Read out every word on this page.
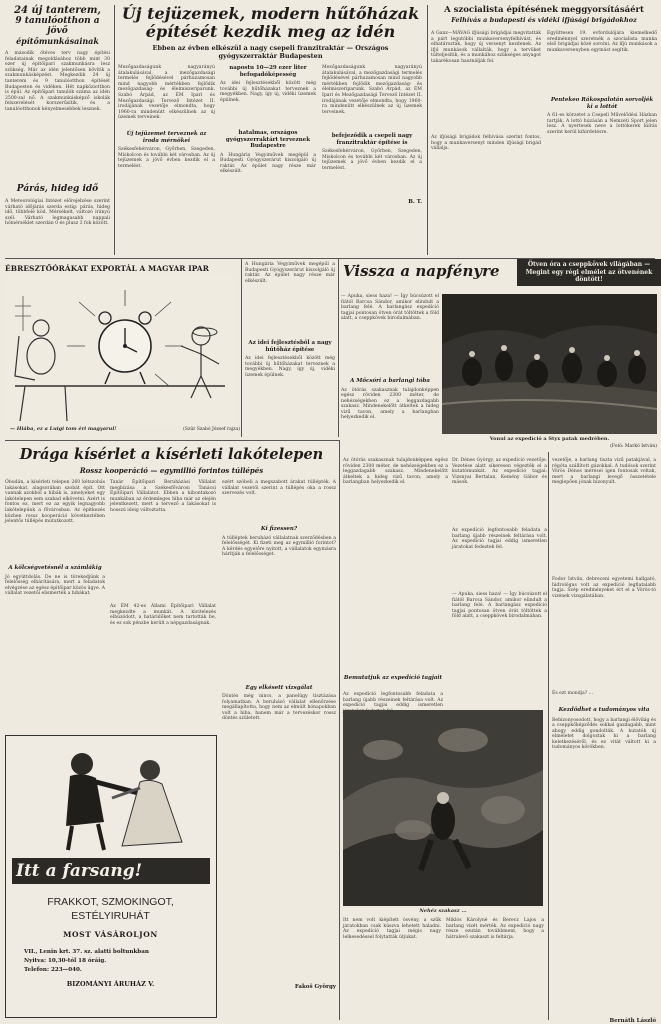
24 új tanterem,
9 tanulóotthon a jövő
építőmunkásainak
A második ötéves terv nagy építési feladatainak megoldásához több mint 30 ezer új építőipari szakmunkásra lesz szükség. Már az idén jelentősen bővítik a szakmunkásképzést. Megkezdik 24 új tanterem és 9 tanulóotthon építését Budapesten és vidéken. Hét napköziotthon is épül. Az építőipari tanulók száma az idén 2500-zal nő. A szakmunkásképző iskolák felszerelését korszerűsítik, és a tanulóotthonok kényelmesebbek lesznek.
Párás, hideg idő
A Meteorológiai Intézet előrejelzése szerint várható időjárás szerda estig: párás, hideg idő, többfelé köd. Mérsékelt, változó irányú szél. Várható legmagasabb nappali hőmérséklet szerdán 0 és plusz 3 fok között.
Új tejüzemek, modern hűtőházak
építését kezdik meg az idén
Ebben az évben elkészül a nagy csepeli franzitraktár — Országos gyógyszerraktár Budapesten
Mezőgazdaságunk nagyarányú átalakulásával, a mezőgazdasági termelés fejlődésével párhuzamosan mind nagyobb mértékben fejlődik mezőgazdaság- és élelmiszeriparunk. Szabó Árpád, az ÉM Ipari és Mezőgazdasági Tervező Intézet II. irodájának vezetője elmondta, hogy 1960-ra mindenütt elkészülnek az új üzemek terveinek.
Új tejüzemet terveznek az iroda mérnökei
Székesfehérváron, Győrben, Szegeden, Miskolcon és további két városban. Az új tejüzemek a jövő évben kezdik el a termelést.
napostu 10—29 ezer liter befogadóképesség
Az idei fejlesztésekből között még további új hűtőházakat terveznek a megyékben. Nagy, így új, vidéki üzemek épülnek.
hatalmas, országos gyógyszerraktárt terveznek Budapestre
A Hungária Vegyiművek megépül a Budapesti Gyógyszerárut kiszolgáló új raktár. Az épület nagy része már elkészült.
Mezőgazdaságunk nagyarányú átalakulásával, a mezőgazdasági termelés fejlődésével párhuzamosan mind nagyobb mértékben fejlődik mezőgazdaság- és élelmiszeriparunk. Szabó Árpád, az ÉM Ipari és Mezőgazdasági Tervező Intézet II. irodájának vezetője elmondta, hogy 1960-ra mindenütt elkészülnek az új üzemek terveinek.
befejeződik a csepeli nagy franzitraktár építése is
Székesfehérváron, Győrben, Szegeden, Miskolcon és további két városban. Az új tejüzemek a jövő évben kezdik el a termelést.
B. T.
A szocialista építésének meggyorsításáért
Felhívás a budapesti és vidéki ifjúsági brigádokhoz
A Ganz—MÁVAG ifjúsági brigádjai megvitatták a párt legutóbbi munkaversenyfelhívást, és elhatározták, hogy új versenyt kezdenek. Az ifjú munkások vállalták, hogy a tervüket túlteljesítik, és a munkához szükséges anyagot takarékosan használják fel.
Az ifjúsági brigádok felhívása szerint fontos, hogy a munkaversenyt minden ifjúsági brigád vállalja.
Együttesen 19. evfordulójára kiemelkedő eredménnyel szeretnék a szocialista munka első brigádjai közé sorolni. Az ifjú munkások a munkaversenyben egymást segítik.
Pentekeo Rákospalotán sorvoljék ki a lottót
A 61-es körzetet a Csepeli Művelődési Házban tartják. A lottó húzásán a Nemzeti Sport jelen lesz. A nyertesek neve a lottókerek kiírás szerint kerül kihirdetésre.
ÉBRESZTŐÓRÁKAT EXPORTÁL A MAGYAR IPAR
— Hiába, ez a Luigi tom éri magyarul!	(Szür Szabó József rajza)
A Hungária Vegyiművek megépül a Budapesti Gyógyszerárut kiszolgáló új raktár. Az épület nagy része már elkészült.
Az idei fejlesztésből a nagy hűtőház építése
Az idei fejlesztésekből között még további új hűtőházakat terveznek a megyékben. Nagy, így új, vidéki üzemek épülnek.
Vissza a napfényre	Ötven óra a cseppkövek világában — Megint egy régi elmélet az ötvenének döntött!
— Apuka, siess haza! — Így búcsúzott el fiától Barcsa Sándor, amikor elindult a barlang felé. A barlangász expedíció tagjai pontosan ötven órát töltöttek a föld alatt, a cseppkövek birodalmában.
A Mőcsóri a barlangi tóba
Az ötórás szakasznak tulajdonképpen egész röviden 2300 méter, de nehézségekben ez a leggazdagabb szakasz. Mindenekelőtt átkeltek a hideg vizű tavon, amely a barlangban helyezkedik el.
Vonul az expedíció a Styx patak medrében.
(Fotó: Markó István)
Drága kísérlet a kísérleti lakótelepen
Rossz kooperáció — egymillió forintos túllépés
Óbudán, a kísérleti telepen 260 kétszobás lakásokat, alagsorában szobát épít. Ott vannak azokból a hibák is, amelyeket egy lakótelepen sem szabad elkövetni. Azért is fontos ez, mert ez az egyik legnagyobb lakótelepünk a fővárosban. Az építkezés közben rossz kooperáció következtében jelentős túllépés mutatkozott.
A kölcségvetésnél a számlákig
Jó együttdolás. De ne is törekedjünk a felelősség elhárítására, mert a feladatok elvégzése az egész építőipar közös ügye. A vállalat vezetői elismerték a hibákat.
Tanár Építőipari Beruházási Vállalat megbízása a Székesfővárosi Tanácsi Építőipari Vállalatot. Ebben a kibontakozó munkában az érdemleges hiba már az elején jelentkezett, mert a tervező a lakásokat is hosszú ideig változtatta.
Az ÉM 42-es Állami Építőipari Vállalat megkezdte a munkát. A kivitelezés elhúzódott, a határidőket nem tartották be, és ez sok pénzbe került a népgazdaságnak.
ezért szóbeli a megszabott árakat túllépték. A vállalat vezetői szerint a túllépés oka a rossz szervezés volt.
Ki fizessen?
A túlléptek beruházó vállalatnak szerződésben a felelősségét. Ki fizeti meg az egymillió forintot? A kérdés egyelőre nyitott, a vállalatok egymásra hárítják a felelősséget.
Egy elkésett vizsgálat
Döntés még nincs, a panelügy tisztázása folyamatban. A beruházó vállalat ellenőrzése megállapította, hogy nem az elmúlt hónapokban volt a hiba, hanem már a tervezéskor rossz döntés született.
Fakoš György
Itt a farsang!
FRAKKOT, SZMOKINGOT,
ESTÉLYIRUHÁT
MOST VÁSÁROLJON
VII., Lenin krt. 37. sz. alatti boltunkban
Nyitva: 10,30-tól 18 óráig.
Telefon: 223—040.
BIZOMÁNYI ÁRUHÁZ V.
Az ötórás szakasznak tulajdonképpen egész röviden 2300 méter, de nehézségekben ez a leggazdagabb szakasz. Mindenekelőtt átkeltek a hideg vizű tavon, amely a barlangban helyezkedik el.
Dr. Dénes György, az expedíció vezetője. Vezetése alatt sikeresen végezték el a kutatómunkát. Az expedíció tagjai: Vizsnyai Bertalan, Kemény Gábor és mások.
Az expedíció legfontosabb feladata a barlang újabb részeinek feltárása volt. Az expedíció tagjai eddig ismeretlen járatokat fedeztek fel.
— Apuka, siess haza! — Így búcsúzott el fiától Barcsa Sándor, amikor elindult a barlang felé. A barlangász expedíció tagjai pontosan ötven órát töltöttek a föld alatt, a cseppkövek birodalmában.
Bemutatjuk az expedíció tagjait
Az expedíció legfontosabb feladata a barlang újabb részeinek feltárása volt. Az expedíció tagjai eddig ismeretlen
Nehéz szakasz ...
Itt nem volt kiépített ösvény, a szűk járatokban csak kúszva lehetett haladni. Az expedíció tagjai mégis nagy lelkesedéssel folytatták útjukat.
Miklós Károlyné és Berecz Lajos a barlang vízét mérték. Az expedíció nagy része ezután továbbment, hogy a hátralevő szakaszt is feltárja.
vezetője, a barlang tiszta vizű patakjával, a régóta szállított gázokkal. A tudósok szerint Vörös Dénes mérései igen fontosak voltak, mert a barlangi levegő összetétele meglepően jónak bizonyult.
Fodor István, debreceni egyetemi hallgató, hidrológus volt az expedíció legfiatalabb tagja. Szép eredményeket ért el a Vörös-tó vizének vizsgálatában.
És ezt mondja? ...
Kezdődhet a tudományos vita
Bebizonyosodott, hogy a barlangi élővilág és a cseppkőképződés sokkal gazdagabb, mint ahogy eddig gondolták. A kutatók új elméletet dolgoztak ki a barlang keletkezéséről, és ez vitát váltott ki a tudományos körökben.
Bernáth László
